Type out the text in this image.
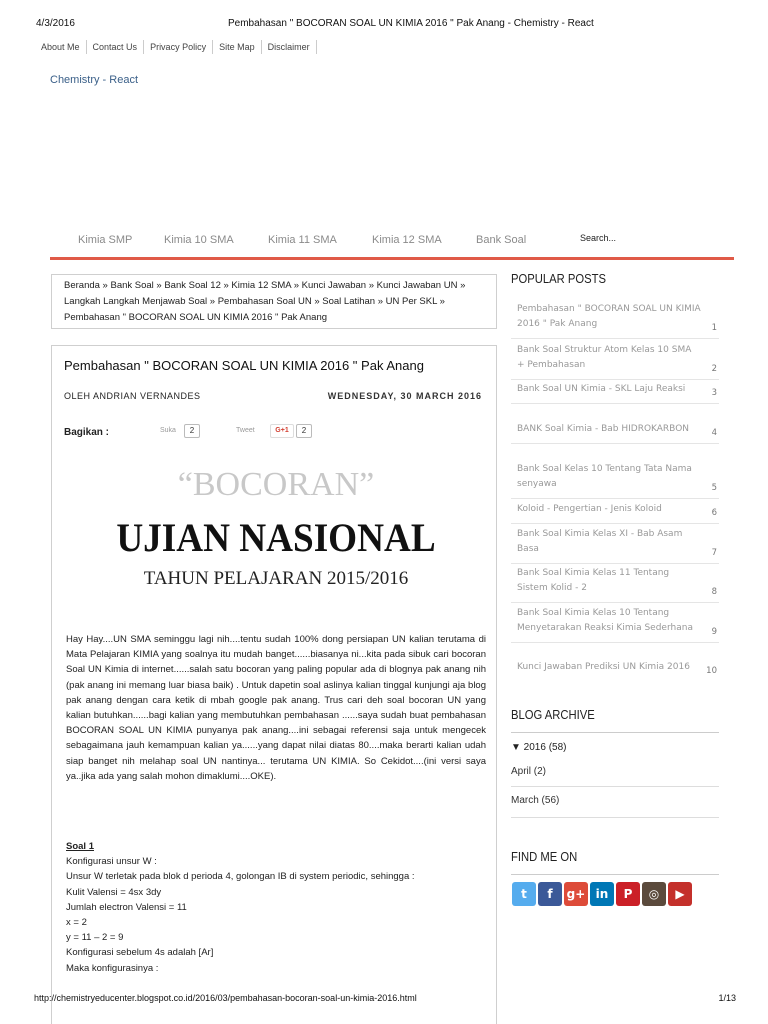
4/3/2016	Pembahasan " BOCORAN SOAL UN KIMIA 2016 " Pak Anang - Chemistry - React
About Me	Contact Us	Privacy Policy	Site Map	Disclaimer
Chemistry - React
Kimia SMP	Kimia 10 SMA	Kimia 11 SMA	Kimia 12 SMA	Bank Soal	Search...
Beranda » Bank Soal » Bank Soal 12 » Kimia 12 SMA » Kunci Jawaban » Kunci Jawaban UN » Langkah Langkah Menjawab Soal » Pembahasan Soal UN » Soal Latihan » UN Per SKL » Pembahasan " BOCORAN SOAL UN KIMIA 2016 " Pak Anang
Pembahasan " BOCORAN SOAL UN KIMIA 2016 " Pak Anang
OLEH ANDRIAN VERNANDES	WEDNESDAY, 30 MARCH 2016
Bagikan :	Suka	2	Tweet	G+1	2
“BOCORAN”
UJIAN NASIONAL
TAHUN PELAJARAN 2015/2016
Hay Hay....UN SMA seminggu lagi nih....tentu sudah 100% dong persiapan UN kalian terutama di Mata Pelajaran KIMIA yang soalnya itu mudah banget......biasanya ni...kita pada sibuk cari bocoran Soal UN Kimia di internet......salah satu bocoran yang paling popular ada di blognya pak anang nih (pak anang ini memang luar biasa baik) . Untuk dapetin soal aslinya kalian tinggal kunjungi aja blog pak anang dengan cara ketik di mbah google pak anang. Trus cari deh soal bocoran UN yang kalian butuhkan......bagi kalian yang membutuhkan pembahasan ......saya sudah buat pembahasan BOCORAN SOAL UN KIMIA punyanya pak anang....ini sebagai referensi saja untuk mengecek sebagaimana jauh kemampuan kalian ya......yang dapat nilai diatas 80....maka berarti kalian udah siap banget nih melahap soal UN nantinya... terutama UN KIMIA. So Cekidot....(ini versi saya ya..jika ada yang salah mohon dimaklumi....OKE).
Soal 1
Konfigurasi unsur W :
Unsur W terletak pada blok d perioda 4, golongan IB di system periodic, sehingga :
Kulit Valensi = 4sx 3dy
Jumlah electron Valensi = 11
x = 2
y = 11 – 2 = 9
Konfigurasi sebelum 4s adalah [Ar]
Maka konfigurasinya :
POPULAR POSTS
Pembahasan " BOCORAN SOAL UN KIMIA 2016 " Pak Anang	1
Bank Soal Struktur Atom Kelas 10 SMA + Pembahasan	2
Bank Soal UN Kimia - SKL Laju Reaksi	3
BANK Soal Kimia - Bab HIDROKARBON	4
Bank Soal Kelas 10 Tentang Tata Nama senyawa	5
Koloid - Pengertian - Jenis Koloid	6
Bank Soal Kimia Kelas XI - Bab Asam Basa	7
Bank Soal Kimia Kelas 11 Tentang Sistem Kolid - 2	8
Bank Soal Kimia Kelas 10 Tentang Menyetarakan Reaksi Kimia Sederhana	9
Kunci Jawaban Prediksi UN Kimia 2016	10
BLOG ARCHIVE
▼ 2016 (58)
April (2)
March (56)
FIND ME ON
t	f	g+ in	P	◎	▶
http://chemistryeducenter.blogspot.co.id/2016/03/pembahasan-bocoran-soal-un-kimia-2016.html	1/13
